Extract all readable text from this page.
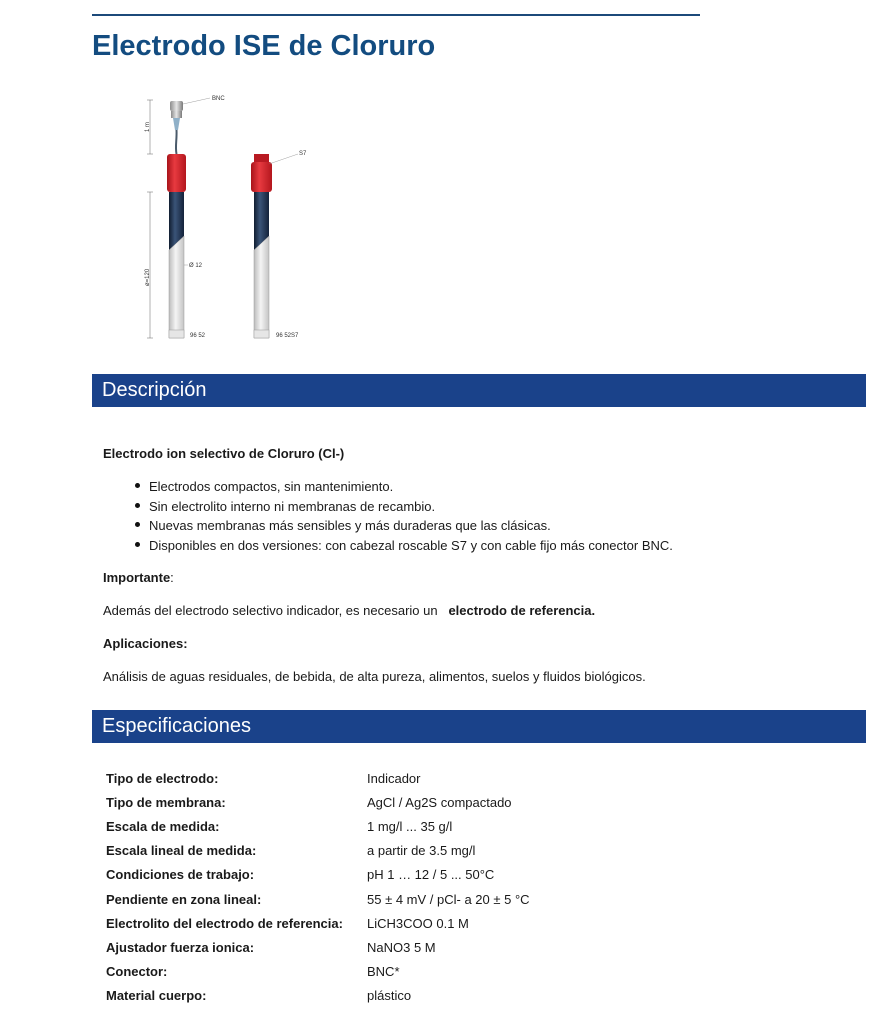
Electrodo ISE de Cloruro
BNC
1 m
S7
Ø 12
ø=120
96 52	96 52S7
Descripción

Electrodo ion selectivo de Cloruro (Cl-)

Electrodos compactos, sin mantenimiento.
Sin electrolito interno ni membranas de recambio.
Nuevas membranas más sensibles y más duraderas que las clásicas.
Disponibles en dos versiones: con cabezal roscable S7 y con cable fijo más conector BNC.

Importante:

Además del electrodo selectivo indicador, es necesario un electrodo de referencia.

Aplicaciones:

Análisis de aguas residuales, de bebida, de alta pureza, alimentos, suelos y fluidos biológicos.

Especificaciones
Tipo de electrodo:	Indicador
Tipo de membrana:	AgCl / Ag2S compactado
Escala de medida:	1 mg/l ... 35 g/l
Escala lineal de medida:	a partir de 3.5 mg/l
Condiciones de trabajo:	pH 1 … 12 / 5 ... 50°C
Pendiente en zona lineal:	55 ± 4 mV / pCl- a 20 ± 5 °C
Electrolito del electrodo de referencia:	LiCH3COO 0.1 M
Ajustador fuerza ionica:	NaNO3 5 M
Conector:	BNC*
Material cuerpo:	plástico
